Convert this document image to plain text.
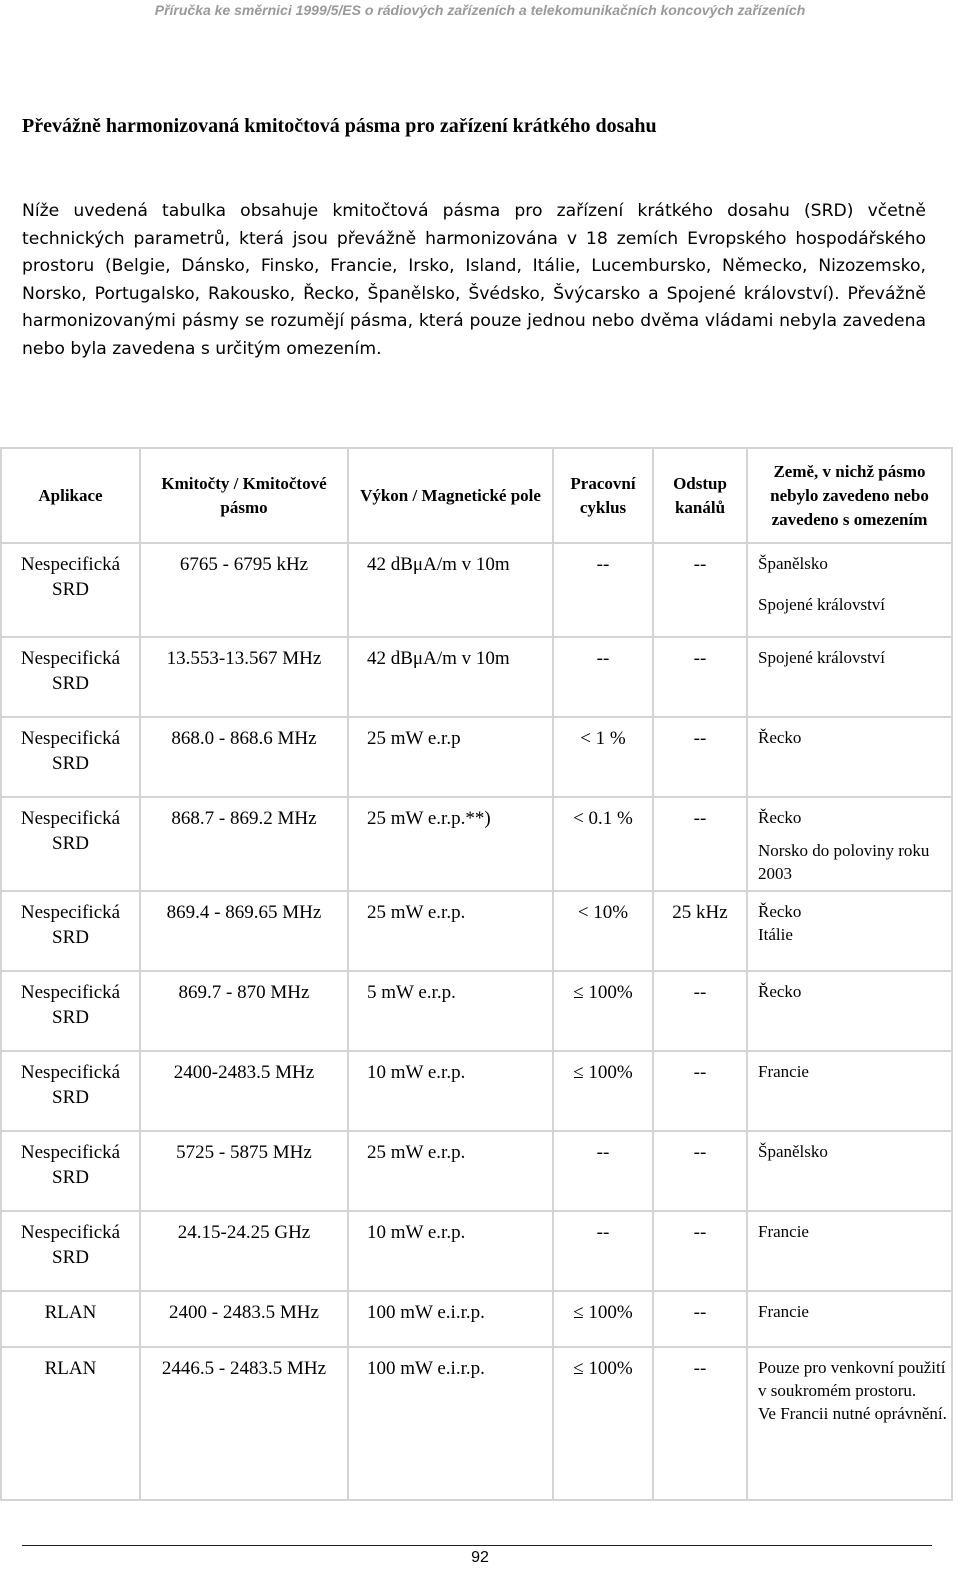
Příručka ke směrnici 1999/5/ES o rádiových zařízeních a telekomunikačních koncových zařízeních
Převážně harmonizovaná kmitočtová pásma pro zařízení krátkého dosahu

Níže uvedená tabulka obsahuje kmitočtová pásma pro zařízení krátkého dosahu (SRD) včetně technických parametrů, která jsou převážně harmonizována v 18 zemích Evropského hospodářského prostoru (Belgie, Dánsko, Finsko, Francie, Irsko, Island, Itálie, Lucembursko, Německo, Nizozemsko, Norsko, Portugalsko, Rakousko, Řecko, Španělsko, Švédsko, Švýcarsko a Spojené království). Převážně harmonizovanými pásmy se rozumějí pásma, která pouze jednou nebo dvěma vládami nebyla zavedena nebo byla zavedena s určitým omezením.

Aplikace	Kmitočty / Kmitočtové pásmo	Výkon / Magnetické pole	Pracovní cyklus	Odstup kanálů	Země, v nichž pásmo nebylo zavedeno nebo zavedeno s omezením
Nespecifická SRD	6765 - 6795 kHz	42 dBμA/m v 10m	--	--	Španělsko
Spojené království

Nespecifická SRD	13.553-13.567 MHz	42 dBμA/m v 10m	--	--	Spojené království

Nespecifická SRD	868.0 - 868.6 MHz	25 mW e.r.p	< 1 %	--	Řecko

Nespecifická SRD	868.7 - 869.2 MHz	25 mW e.r.p.**)	< 0.1 %	--	Řecko
Norsko do poloviny roku 2003

Nespecifická SRD	869.4 - 869.65 MHz	25 mW e.r.p.	< 10%	25 kHz	Řecko
Itálie

Nespecifická SRD	869.7 - 870 MHz	5 mW e.r.p.	≤ 100%	--	Řecko

Nespecifická SRD	2400-2483.5 MHz	10 mW e.r.p.	≤ 100%	--	Francie

Nespecifická SRD	5725 - 5875 MHz	25 mW e.r.p.	--	--	Španělsko

Nespecifická SRD	24.15-24.25 GHz	10 mW e.r.p.	--	--	Francie

RLAN	2400 - 2483.5 MHz	100 mW e.i.r.p.	≤ 100%	--	Francie

RLAN	2446.5 - 2483.5 MHz	100 mW e.i.r.p.	≤ 100%	--	Pouze pro venkovní použití v soukromém prostoru.
Ve Francii nutné oprávnění.
92
